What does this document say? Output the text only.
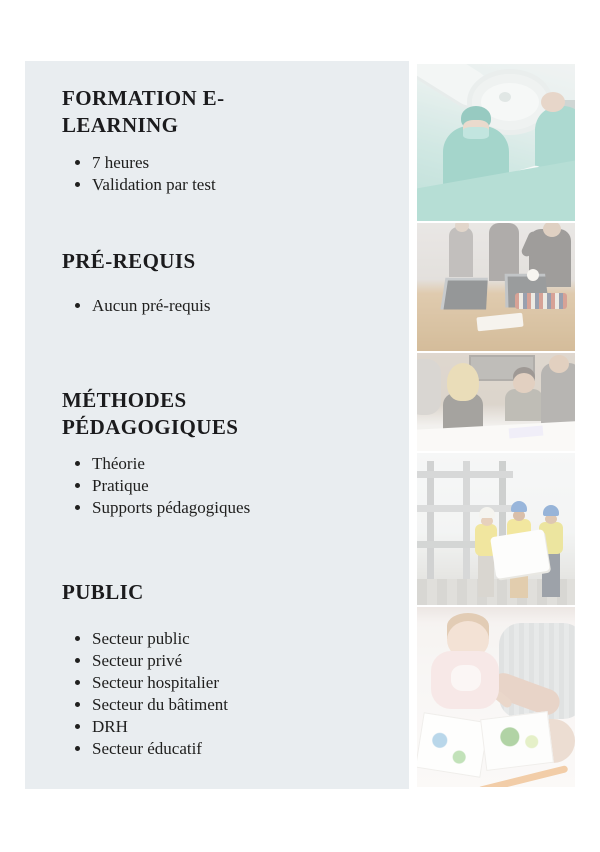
FORMATION E-LEARNING
• 7 heures
• Validation par test
PRÉ-REQUIS
• Aucun pré-requis
MÉTHODES PÉDAGOGIQUES
• Théorie
• Pratique
• Supports pédagogiques
PUBLIC
• Secteur public
• Secteur privé
• Secteur hospitalier
• Secteur du bâtiment
• DRH
• Secteur éducatif
